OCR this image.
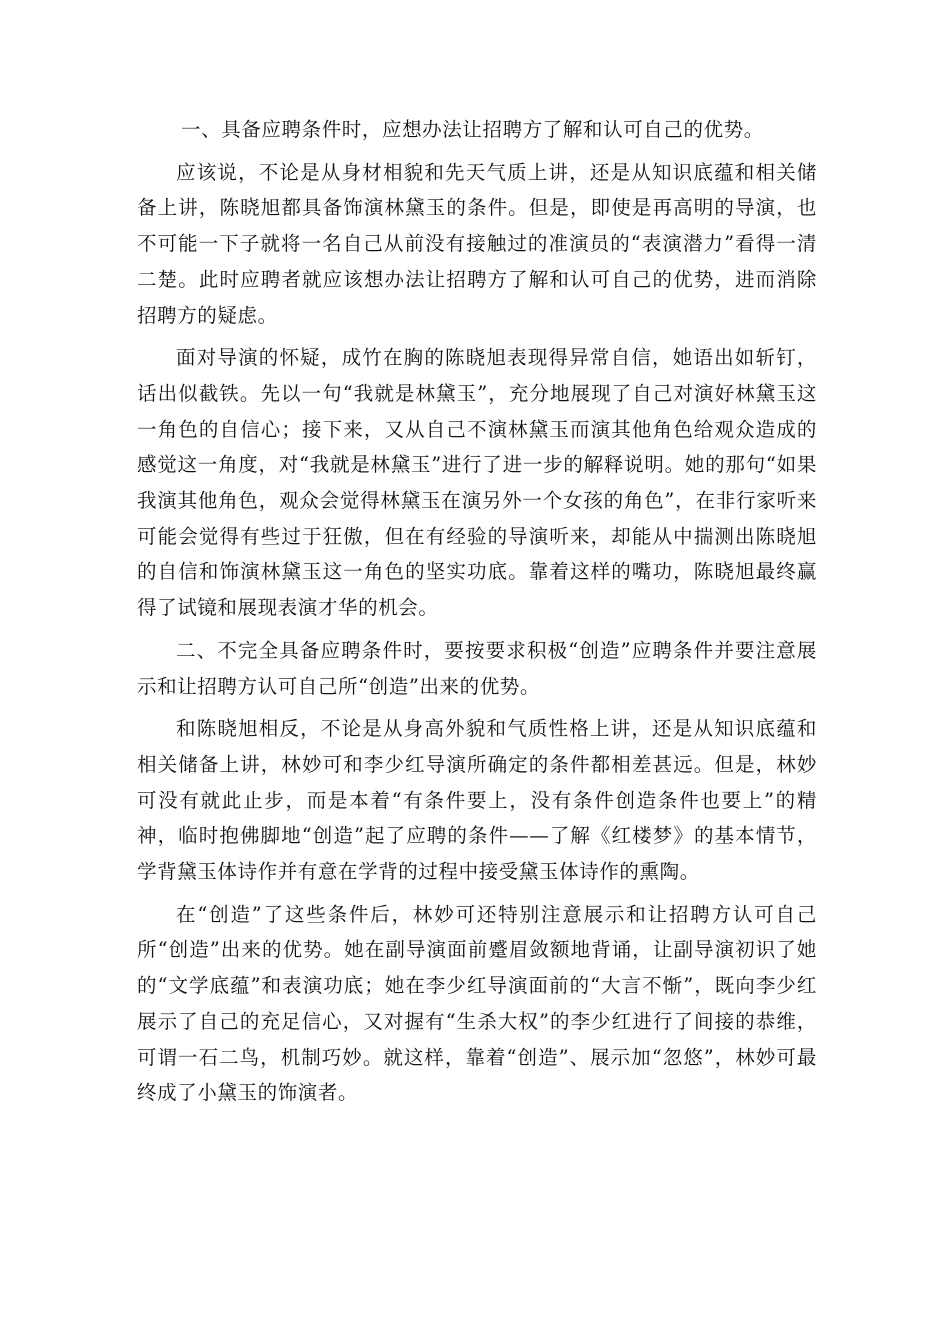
一、具备应聘条件时，应想办法让招聘方了解和认可自己的优势。

应该说，不论是从身材相貌和先天气质上讲，还是从知识底蕴和相关储备上讲，陈晓旭都具备饰演林黛玉的条件。但是，即使是再高明的导演，也不可能一下子就将一名自己从前没有接触过的准演员的“表演潜力”看得一清二楚。此时应聘者就应该想办法让招聘方了解和认可自己的优势，进而消除招聘方的疑虑。

面对导演的怀疑，成竹在胸的陈晓旭表现得异常自信，她语出如斩钉，话出似截铁。先以一句“我就是林黛玉”，充分地展现了自己对演好林黛玉这一角色的自信心；接下来，又从自己不演林黛玉而演其他角色给观众造成的感觉这一角度，对“我就是林黛玉”进行了进一步的解释说明。她的那句“如果我演其他角色，观众会觉得林黛玉在演另外一个女孩的角色”，在非行家听来可能会觉得有些过于狂傲，但在有经验的导演听来，却能从中揣测出陈晓旭的自信和饰演林黛玉这一角色的坚实功底。靠着这样的嘴功，陈晓旭最终赢得了试镜和展现表演才华的机会。

二、不完全具备应聘条件时，要按要求积极“创造”应聘条件并要注意展示和让招聘方认可自己所“创造”出来的优势。

和陈晓旭相反，不论是从身高外貌和气质性格上讲，还是从知识底蕴和相关储备上讲，林妙可和李少红导演所确定的条件都相差甚远。但是，林妙可没有就此止步，而是本着“有条件要上，没有条件创造条件也要上”的精神，临时抱佛脚地“创造”起了应聘的条件——了解《红楼梦》的基本情节，学背黛玉体诗作并有意在学背的过程中接受黛玉体诗作的熏陶。

在“创造”了这些条件后，林妙可还特别注意展示和让招聘方认可自己所“创造”出来的优势。她在副导演面前蹙眉敛额地背诵，让副导演初识了她的“文学底蕴”和表演功底；她在李少红导演面前的“大言不惭”，既向李少红展示了自己的充足信心，又对握有“生杀大权”的李少红进行了间接的恭维，可谓一石二鸟，机制巧妙。就这样，靠着“创造”、展示加“忽悠”，林妙可最终成了小黛玉的饰演者。
